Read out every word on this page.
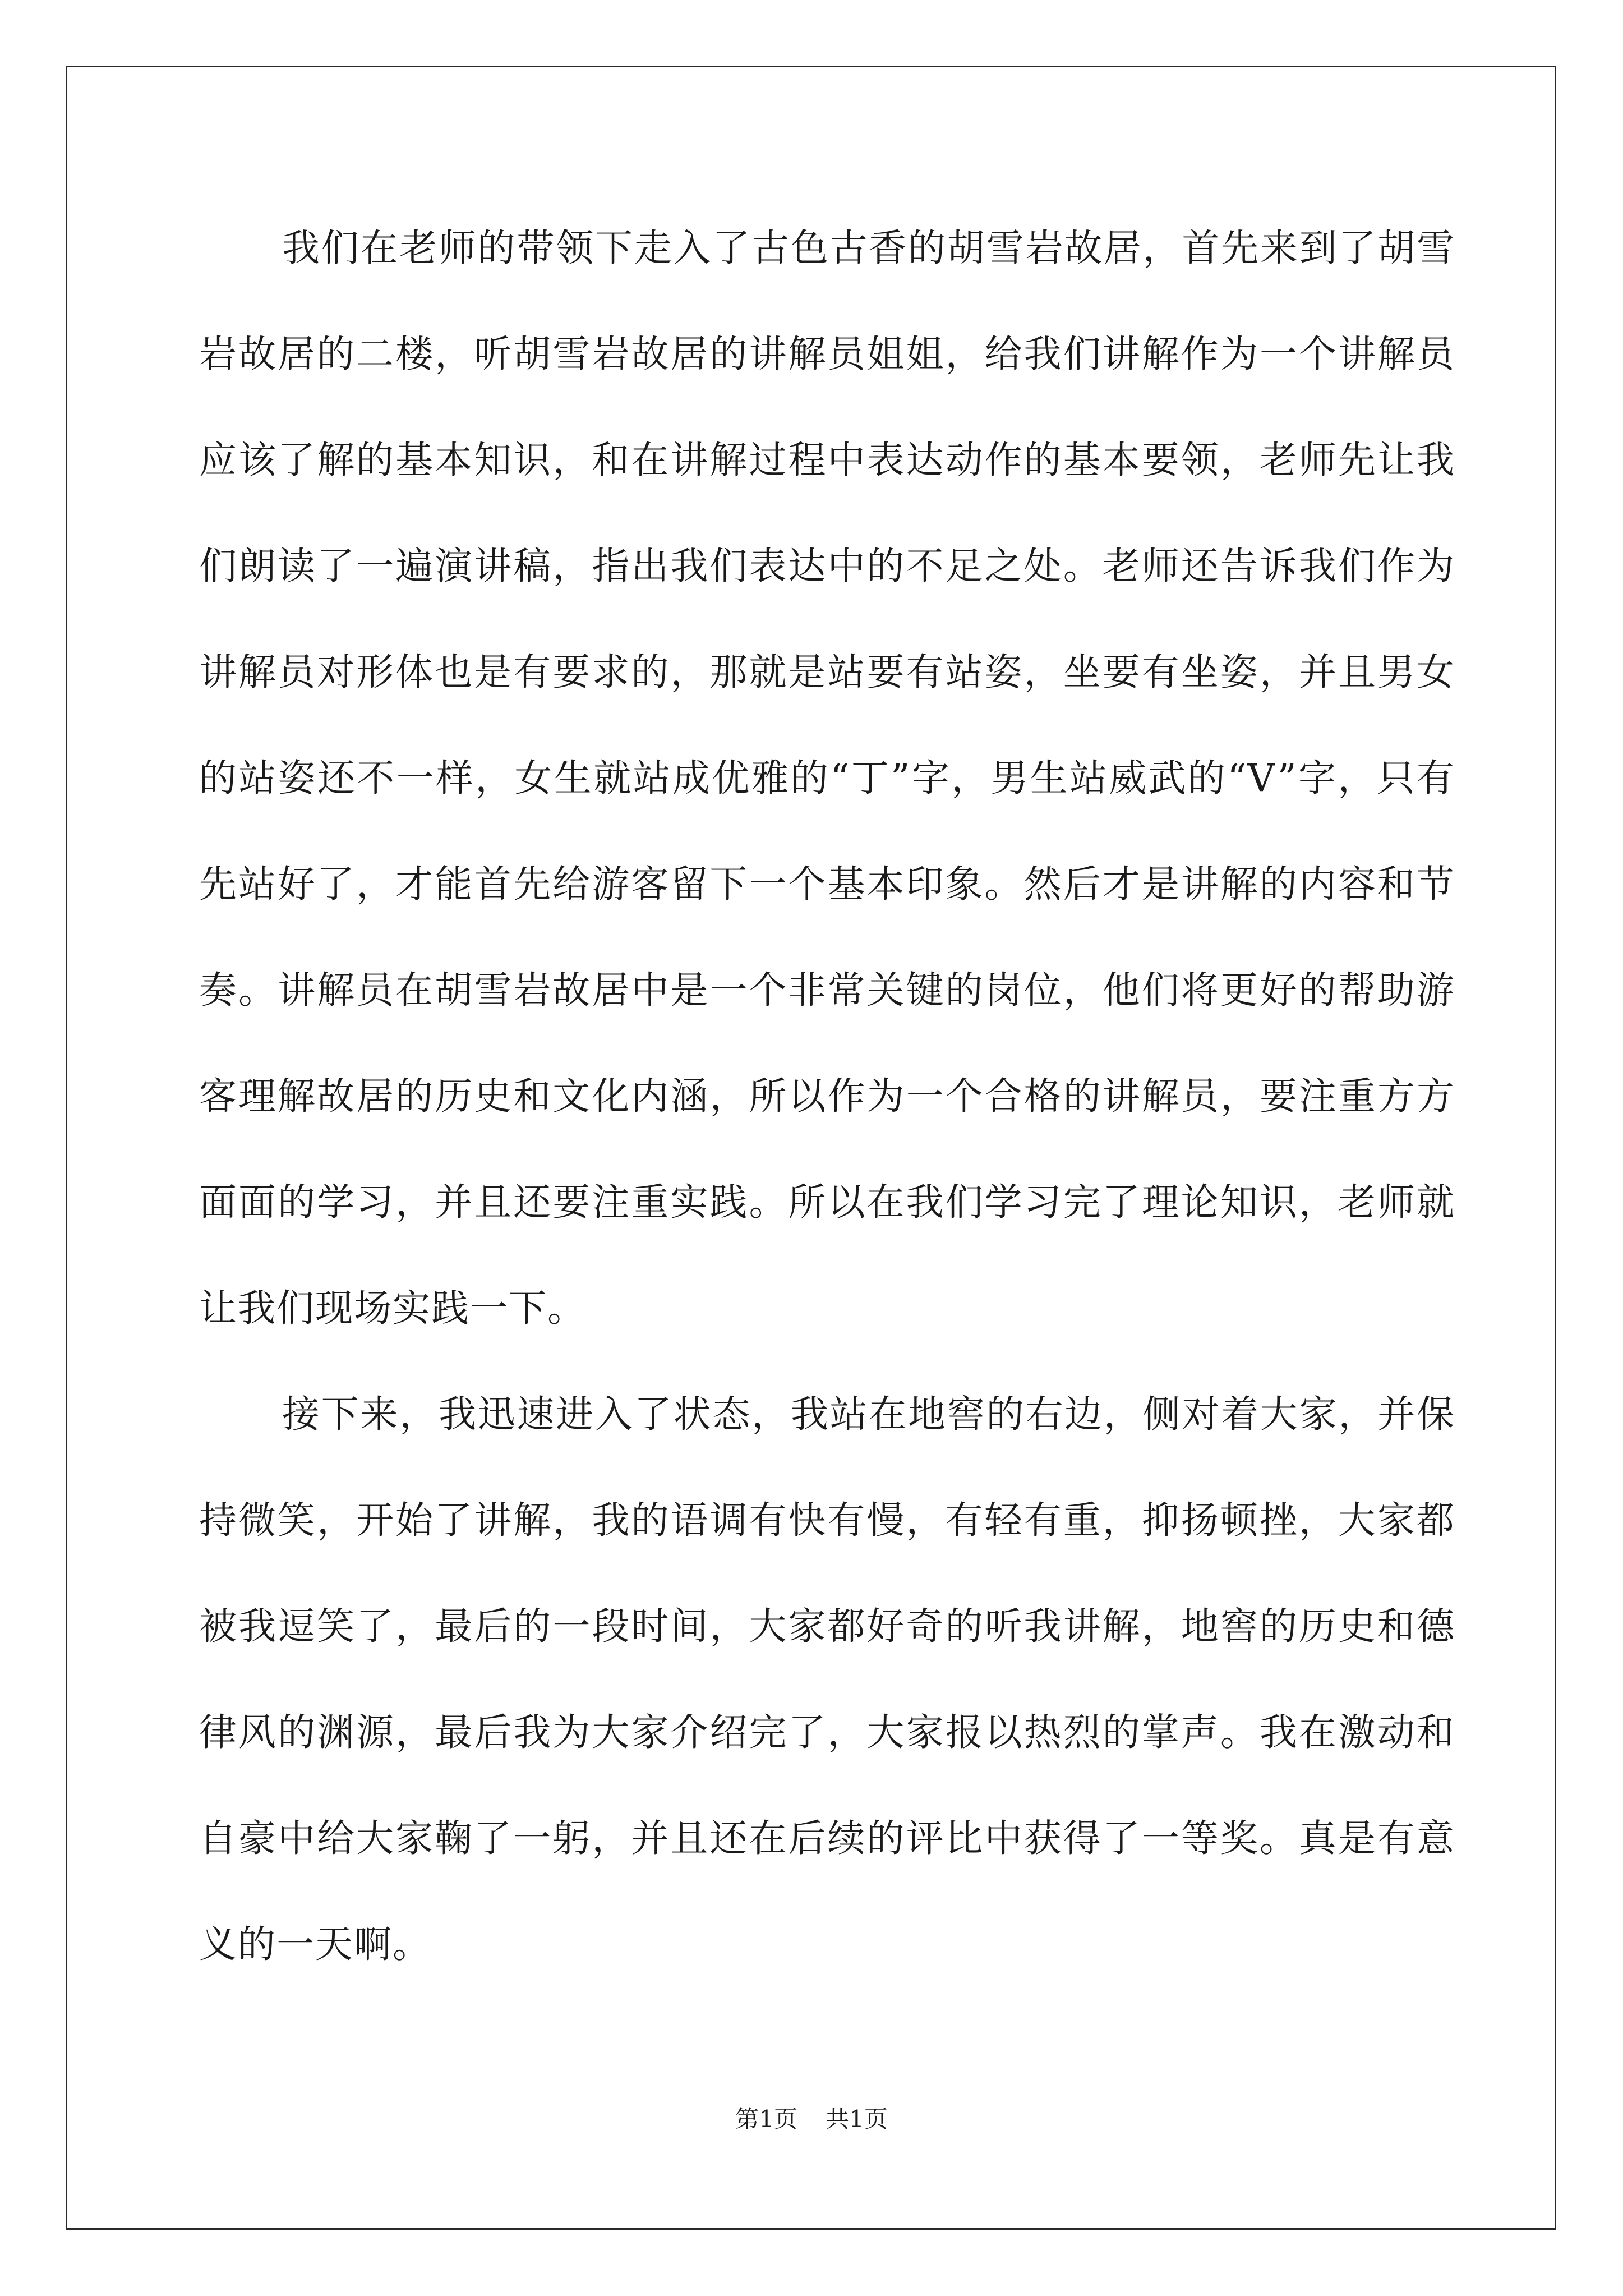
我们在老师的带领下走入了古色古香的胡雪岩故居，首先来到了胡雪岩故居的二楼，听胡雪岩故居的讲解员姐姐，给我们讲解作为一个讲解员应该了解的基本知识，和在讲解过程中表达动作的基本要领，老师先让我们朗读了一遍演讲稿，指出我们表达中的不足之处。老师还告诉我们作为讲解员对形体也是有要求的，那就是站要有站姿，坐要有坐姿，并且男女的站姿还不一样，女生就站成优雅的“丁”字，男生站威武的“V”字，只有先站好了，才能首先给游客留下一个基本印象。然后才是讲解的内容和节奏。讲解员在胡雪岩故居中是一个非常关键的岗位，他们将更好的帮助游客理解故居的历史和文化内涵，所以作为一个合格的讲解员，要注重方方面面的学习，并且还要注重实践。所以在我们学习完了理论知识，老师就让我们现场实践一下。

接下来，我迅速进入了状态，我站在地窖的右边，侧对着大家，并保持微笑，开始了讲解，我的语调有快有慢，有轻有重，抑扬顿挫，大家都被我逗笑了，最后的一段时间，大家都好奇的听我讲解，地窖的历史和德律风的渊源，最后我为大家介绍完了，大家报以热烈的掌声。我在激动和自豪中给大家鞠了一躬，并且还在后续的评比中获得了一等奖。真是有意义的一天啊。

第1页 共1页
